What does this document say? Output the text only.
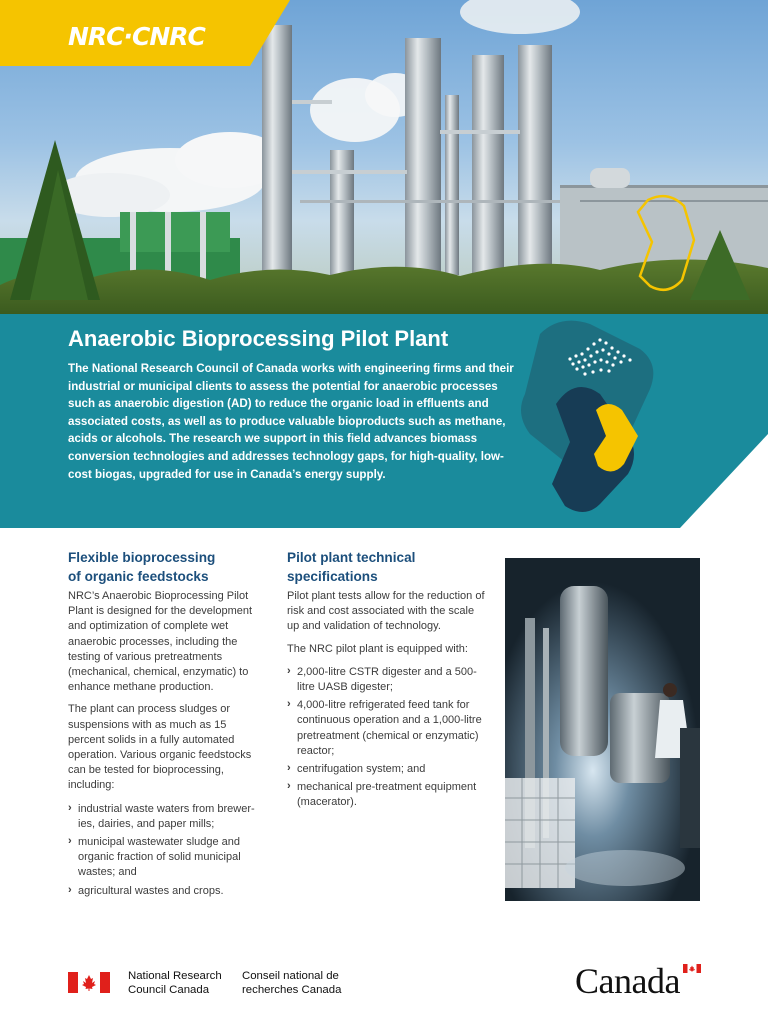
NRC·CNRC
Anaerobic Bioprocessing Pilot Plant
The National Research Council of Canada works with engineering firms and their industrial or municipal clients to assess the potential for anaerobic processes such as anaerobic digestion (AD) to reduce the organic load in effluents and associated costs, as well as to produce valuable bioproducts such as methane, acids or alcohols. The research we support in this field advances biomass conversion technologies and addresses technology gaps, for high-quality, low-cost biogas, upgraded for use in Canada’s energy supply.
Flexible bioprocessing
of organic feedstocks

NRC’s Anaerobic Bioprocessing Pilot Plant is designed for the development and optimization of complete wet anaerobic processes, including the testing of various pretreatments (mechanical, chemical, enzymatic) to enhance methane production.

The plant can process sludges or suspensions with as much as 15 percent solids in a fully automated operation. Various organic feedstocks can be tested for bioprocessing, including:

› industrial waste waters from brewer-ies, dairies, and paper mills;
› municipal wastewater sludge and organic fraction of solid municipal wastes; and
› agricultural wastes and crops.
Pilot plant technical
specifications

Pilot plant tests allow for the reduction of risk and cost associated with the scale up and validation of technology.

The NRC pilot plant is equipped with:

› 2,000-litre CSTR digester and a 500-litre UASB digester;
› 4,000-litre refrigerated feed tank for continuous operation and a 1,000-litre pretreatment (chemical or enzymatic) reactor;
› centrifugation system; and
› mechanical pre-treatment equipment (macerator).
National Research
Council Canada
Conseil national de
recherches Canada	Canada
